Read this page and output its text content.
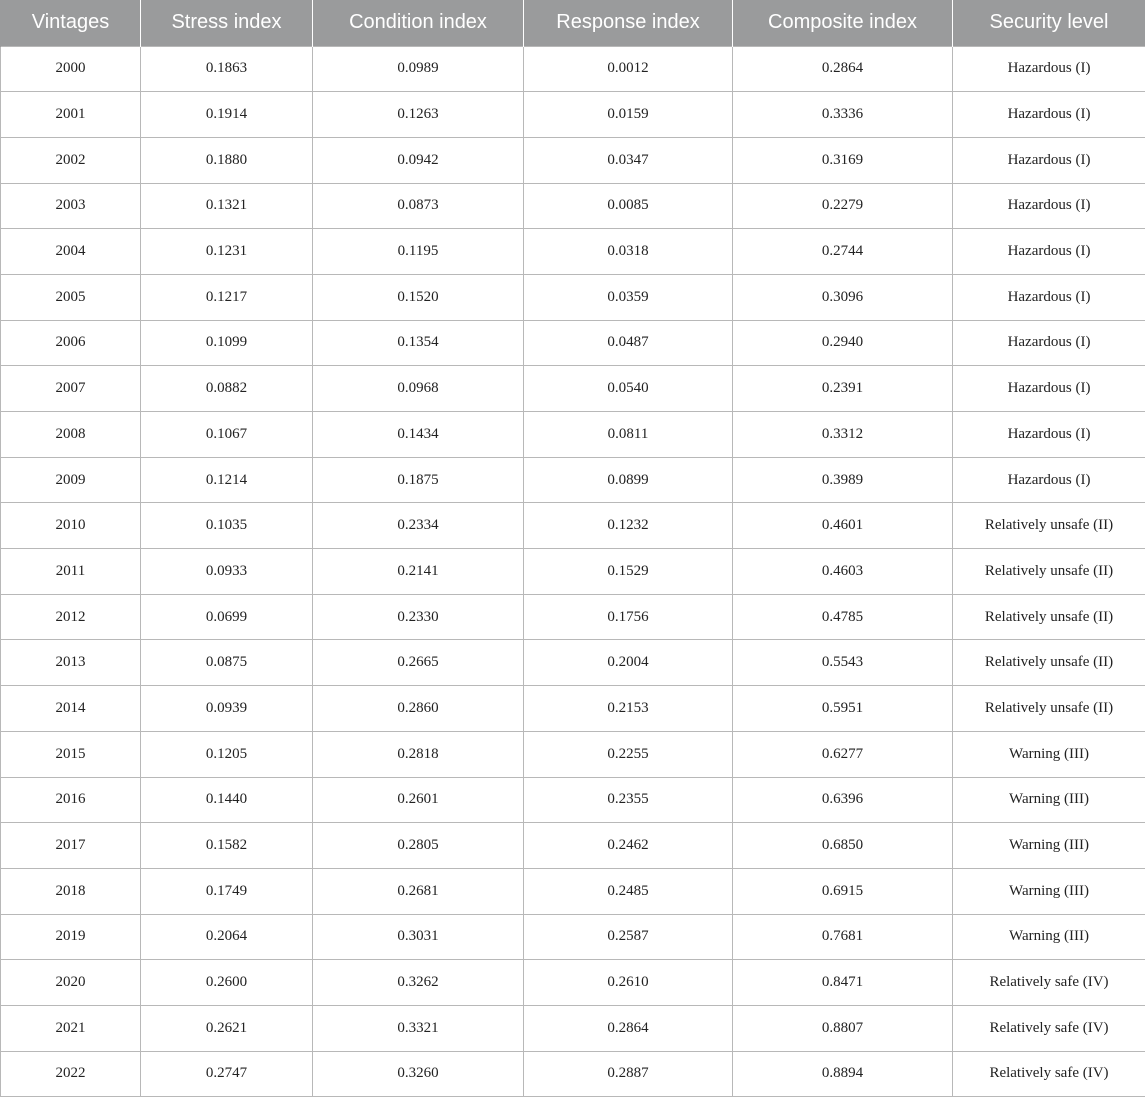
Vintages	Stress index	Condition index	Response index	Composite index	Security level
2000	0.1863	0.0989	0.0012	0.2864	Hazardous (I)
2001	0.1914	0.1263	0.0159	0.3336	Hazardous (I)
2002	0.1880	0.0942	0.0347	0.3169	Hazardous (I)
2003	0.1321	0.0873	0.0085	0.2279	Hazardous (I)
2004	0.1231	0.1195	0.0318	0.2744	Hazardous (I)
2005	0.1217	0.1520	0.0359	0.3096	Hazardous (I)
2006	0.1099	0.1354	0.0487	0.2940	Hazardous (I)
2007	0.0882	0.0968	0.0540	0.2391	Hazardous (I)
2008	0.1067	0.1434	0.0811	0.3312	Hazardous (I)
2009	0.1214	0.1875	0.0899	0.3989	Hazardous (I)
2010	0.1035	0.2334	0.1232	0.4601	Relatively unsafe (II)
2011	0.0933	0.2141	0.1529	0.4603	Relatively unsafe (II)
2012	0.0699	0.2330	0.1756	0.4785	Relatively unsafe (II)
2013	0.0875	0.2665	0.2004	0.5543	Relatively unsafe (II)
2014	0.0939	0.2860	0.2153	0.5951	Relatively unsafe (II)
2015	0.1205	0.2818	0.2255	0.6277	Warning (III)
2016	0.1440	0.2601	0.2355	0.6396	Warning (III)
2017	0.1582	0.2805	0.2462	0.6850	Warning (III)
2018	0.1749	0.2681	0.2485	0.6915	Warning (III)
2019	0.2064	0.3031	0.2587	0.7681	Warning (III)
2020	0.2600	0.3262	0.2610	0.8471	Relatively safe (IV)
2021	0.2621	0.3321	0.2864	0.8807	Relatively safe (IV)
2022	0.2747	0.3260	0.2887	0.8894	Relatively safe (IV)
